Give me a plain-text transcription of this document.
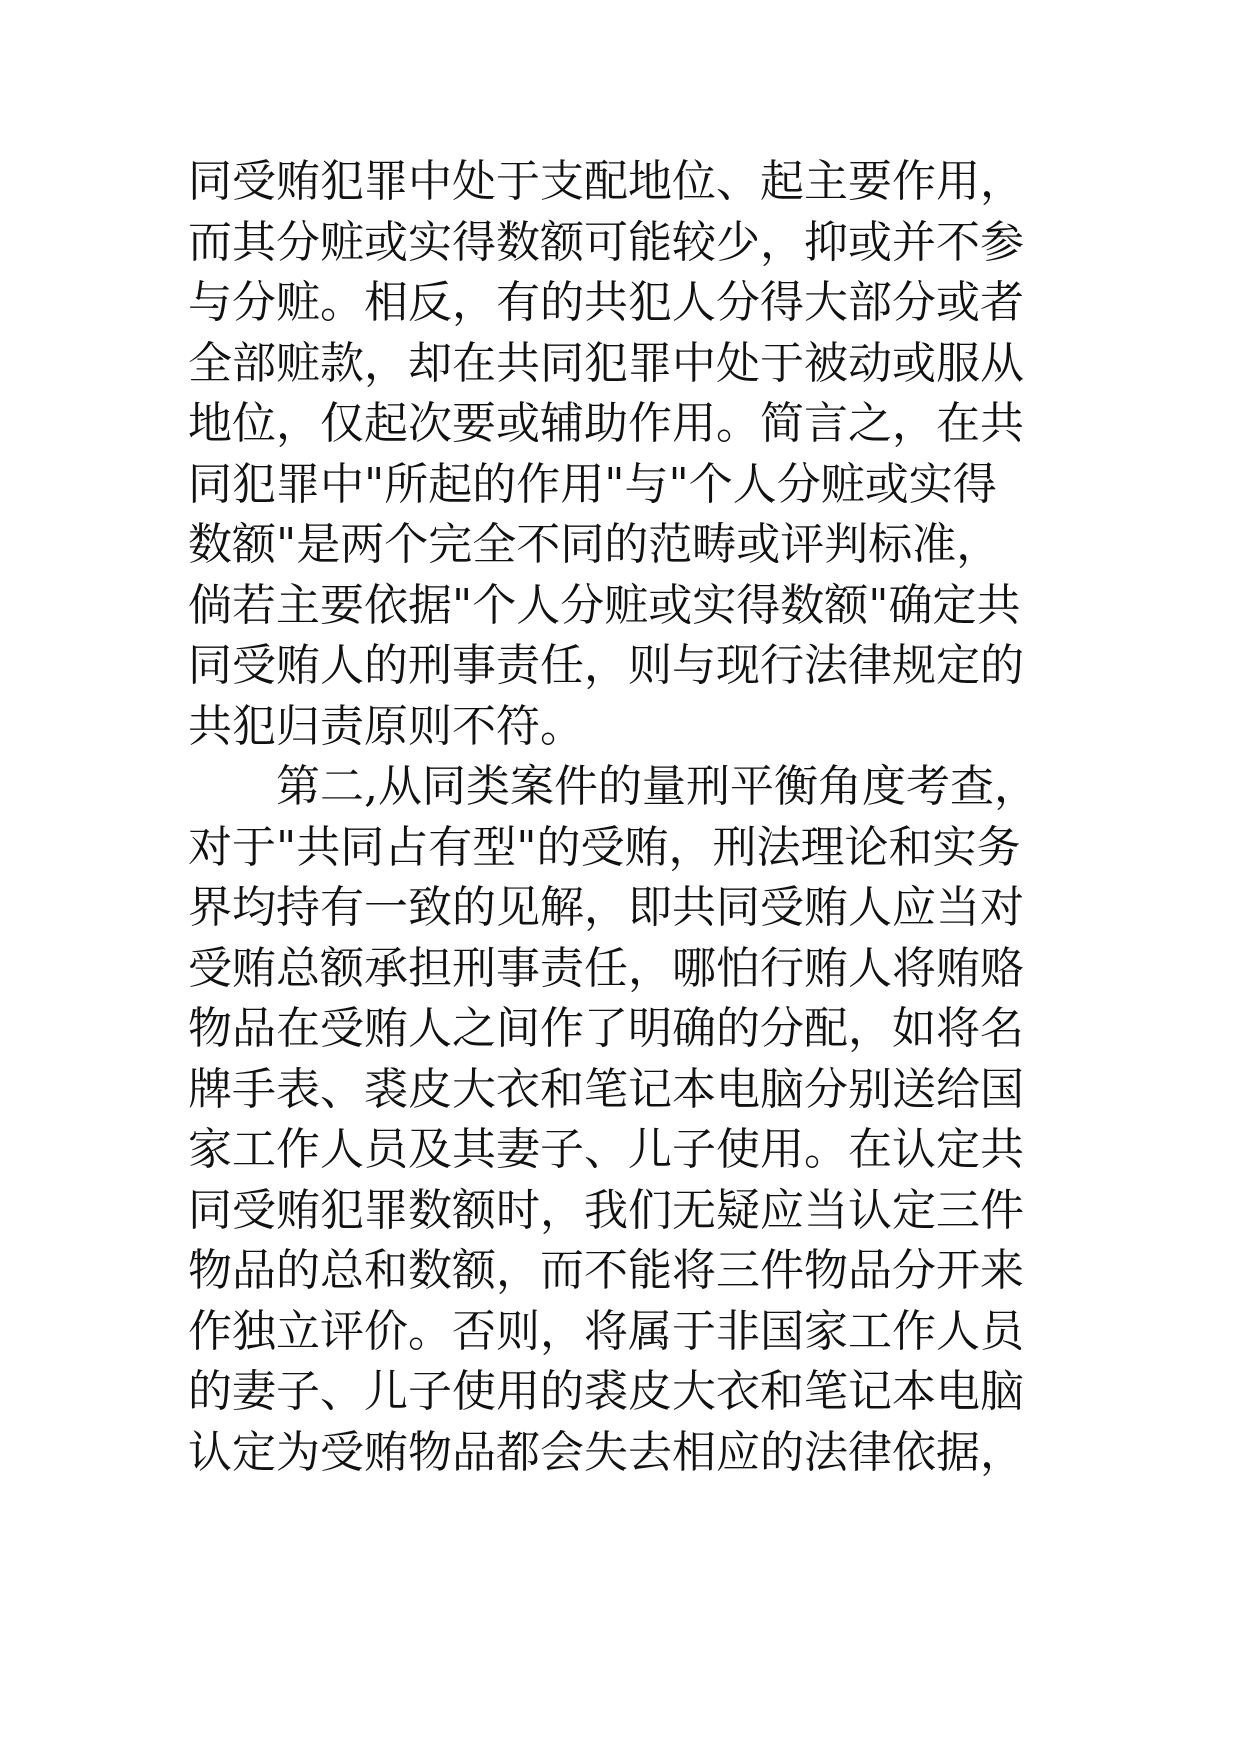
同受贿犯罪中处于支配地位、起主要作用，
而其分赃或实得数额可能较少，抑或并不参
与分赃。相反，有的共犯人分得大部分或者
全部赃款，却在共同犯罪中处于被动或服从
地位，仅起次要或辅助作用。简言之，在共
同犯罪中"所起的作用"与"个人分赃或实得
数额"是两个完全不同的范畴或评判标准，
倘若主要依据"个人分赃或实得数额"确定共
同受贿人的刑事责任，则与现行法律规定的
共犯归责原则不符。
第二,从同类案件的量刑平衡角度考查，
对于"共同占有型"的受贿，刑法理论和实务
界均持有一致的见解，即共同受贿人应当对
受贿总额承担刑事责任，哪怕行贿人将贿赂
物品在受贿人之间作了明确的分配，如将名
牌手表、裘皮大衣和笔记本电脑分别送给国
家工作人员及其妻子、儿子使用。在认定共
同受贿犯罪数额时，我们无疑应当认定三件
物品的总和数额，而不能将三件物品分开来
作独立评价。否则，将属于非国家工作人员
的妻子、儿子使用的裘皮大衣和笔记本电脑
认定为受贿物品都会失去相应的法律依据，
